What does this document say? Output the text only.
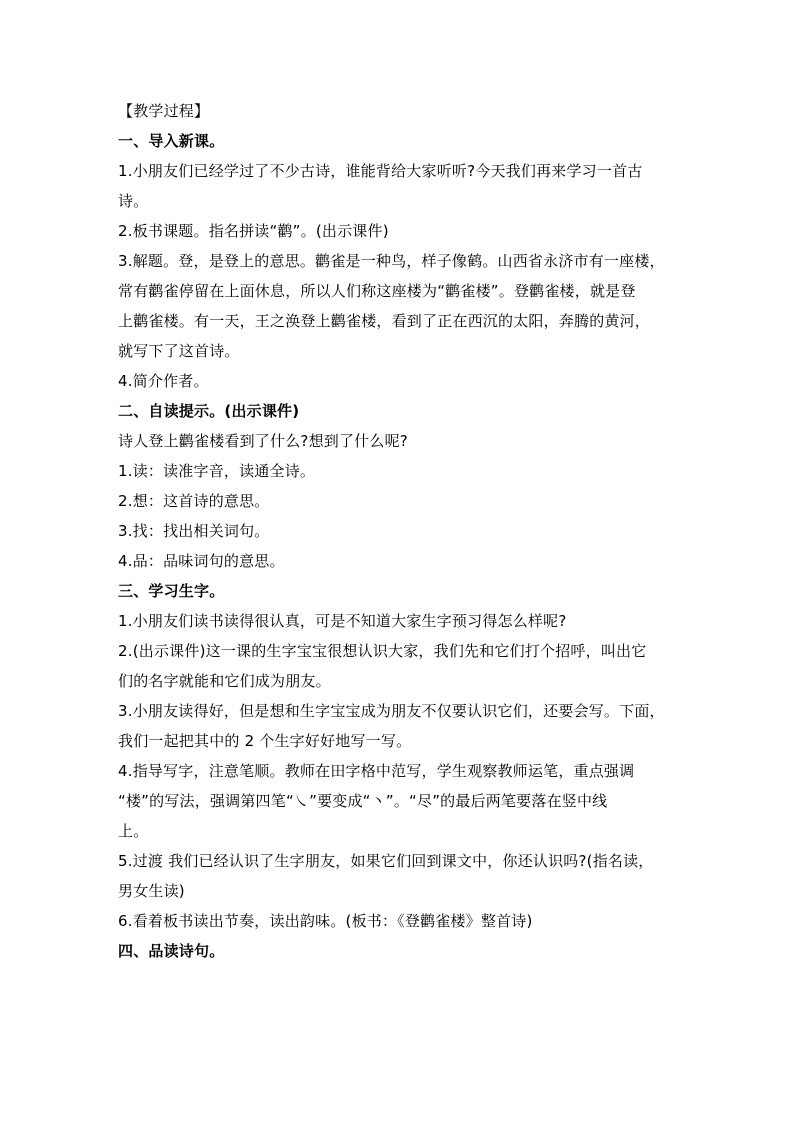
【教学过程】
一、导入新课。
1.小朋友们已经学过了不少古诗，谁能背给大家听听?今天我们再来学习一首古
诗。
2.板书课题。指名拼读“鹳”。(出示课件)
3.解题。登，是登上的意思。鹳雀是一种鸟，样子像鹤。山西省永济市有一座楼，
常有鹳雀停留在上面休息，所以人们称这座楼为“鹳雀楼”。登鹳雀楼，就是登
上鹳雀楼。有一天，王之涣登上鹳雀楼，看到了正在西沉的太阳，奔腾的黄河，
就写下了这首诗。
4.简介作者。
二、自读提示。(出示课件)
诗人登上鹳雀楼看到了什么?想到了什么呢?
1.读：读准字音，读通全诗。
2.想：这首诗的意思。
3.找：找出相关词句。
4.品：品味词句的意思。
三、学习生字。
1.小朋友们读书读得很认真，可是不知道大家生字预习得怎么样呢?
2.(出示课件)这一课的生字宝宝很想认识大家，我们先和它们打个招呼，叫出它
们的名字就能和它们成为朋友。
3.小朋友读得好，但是想和生字宝宝成为朋友不仅要认识它们，还要会写。下面，
我们一起把其中的 2 个生字好好地写一写。
4.指导写字，注意笔顺。教师在田字格中范写，学生观察教师运笔，重点强调
“楼”的写法，强调第四笔“㇏”要变成“丶”。“尽”的最后两笔要落在竖中线
上。
5.过渡 我们已经认识了生字朋友，如果它们回到课文中，你还认识吗?(指名读，
男女生读)
6.看着板书读出节奏，读出韵味。(板书：《登鹳雀楼》整首诗)
四、品读诗句。
